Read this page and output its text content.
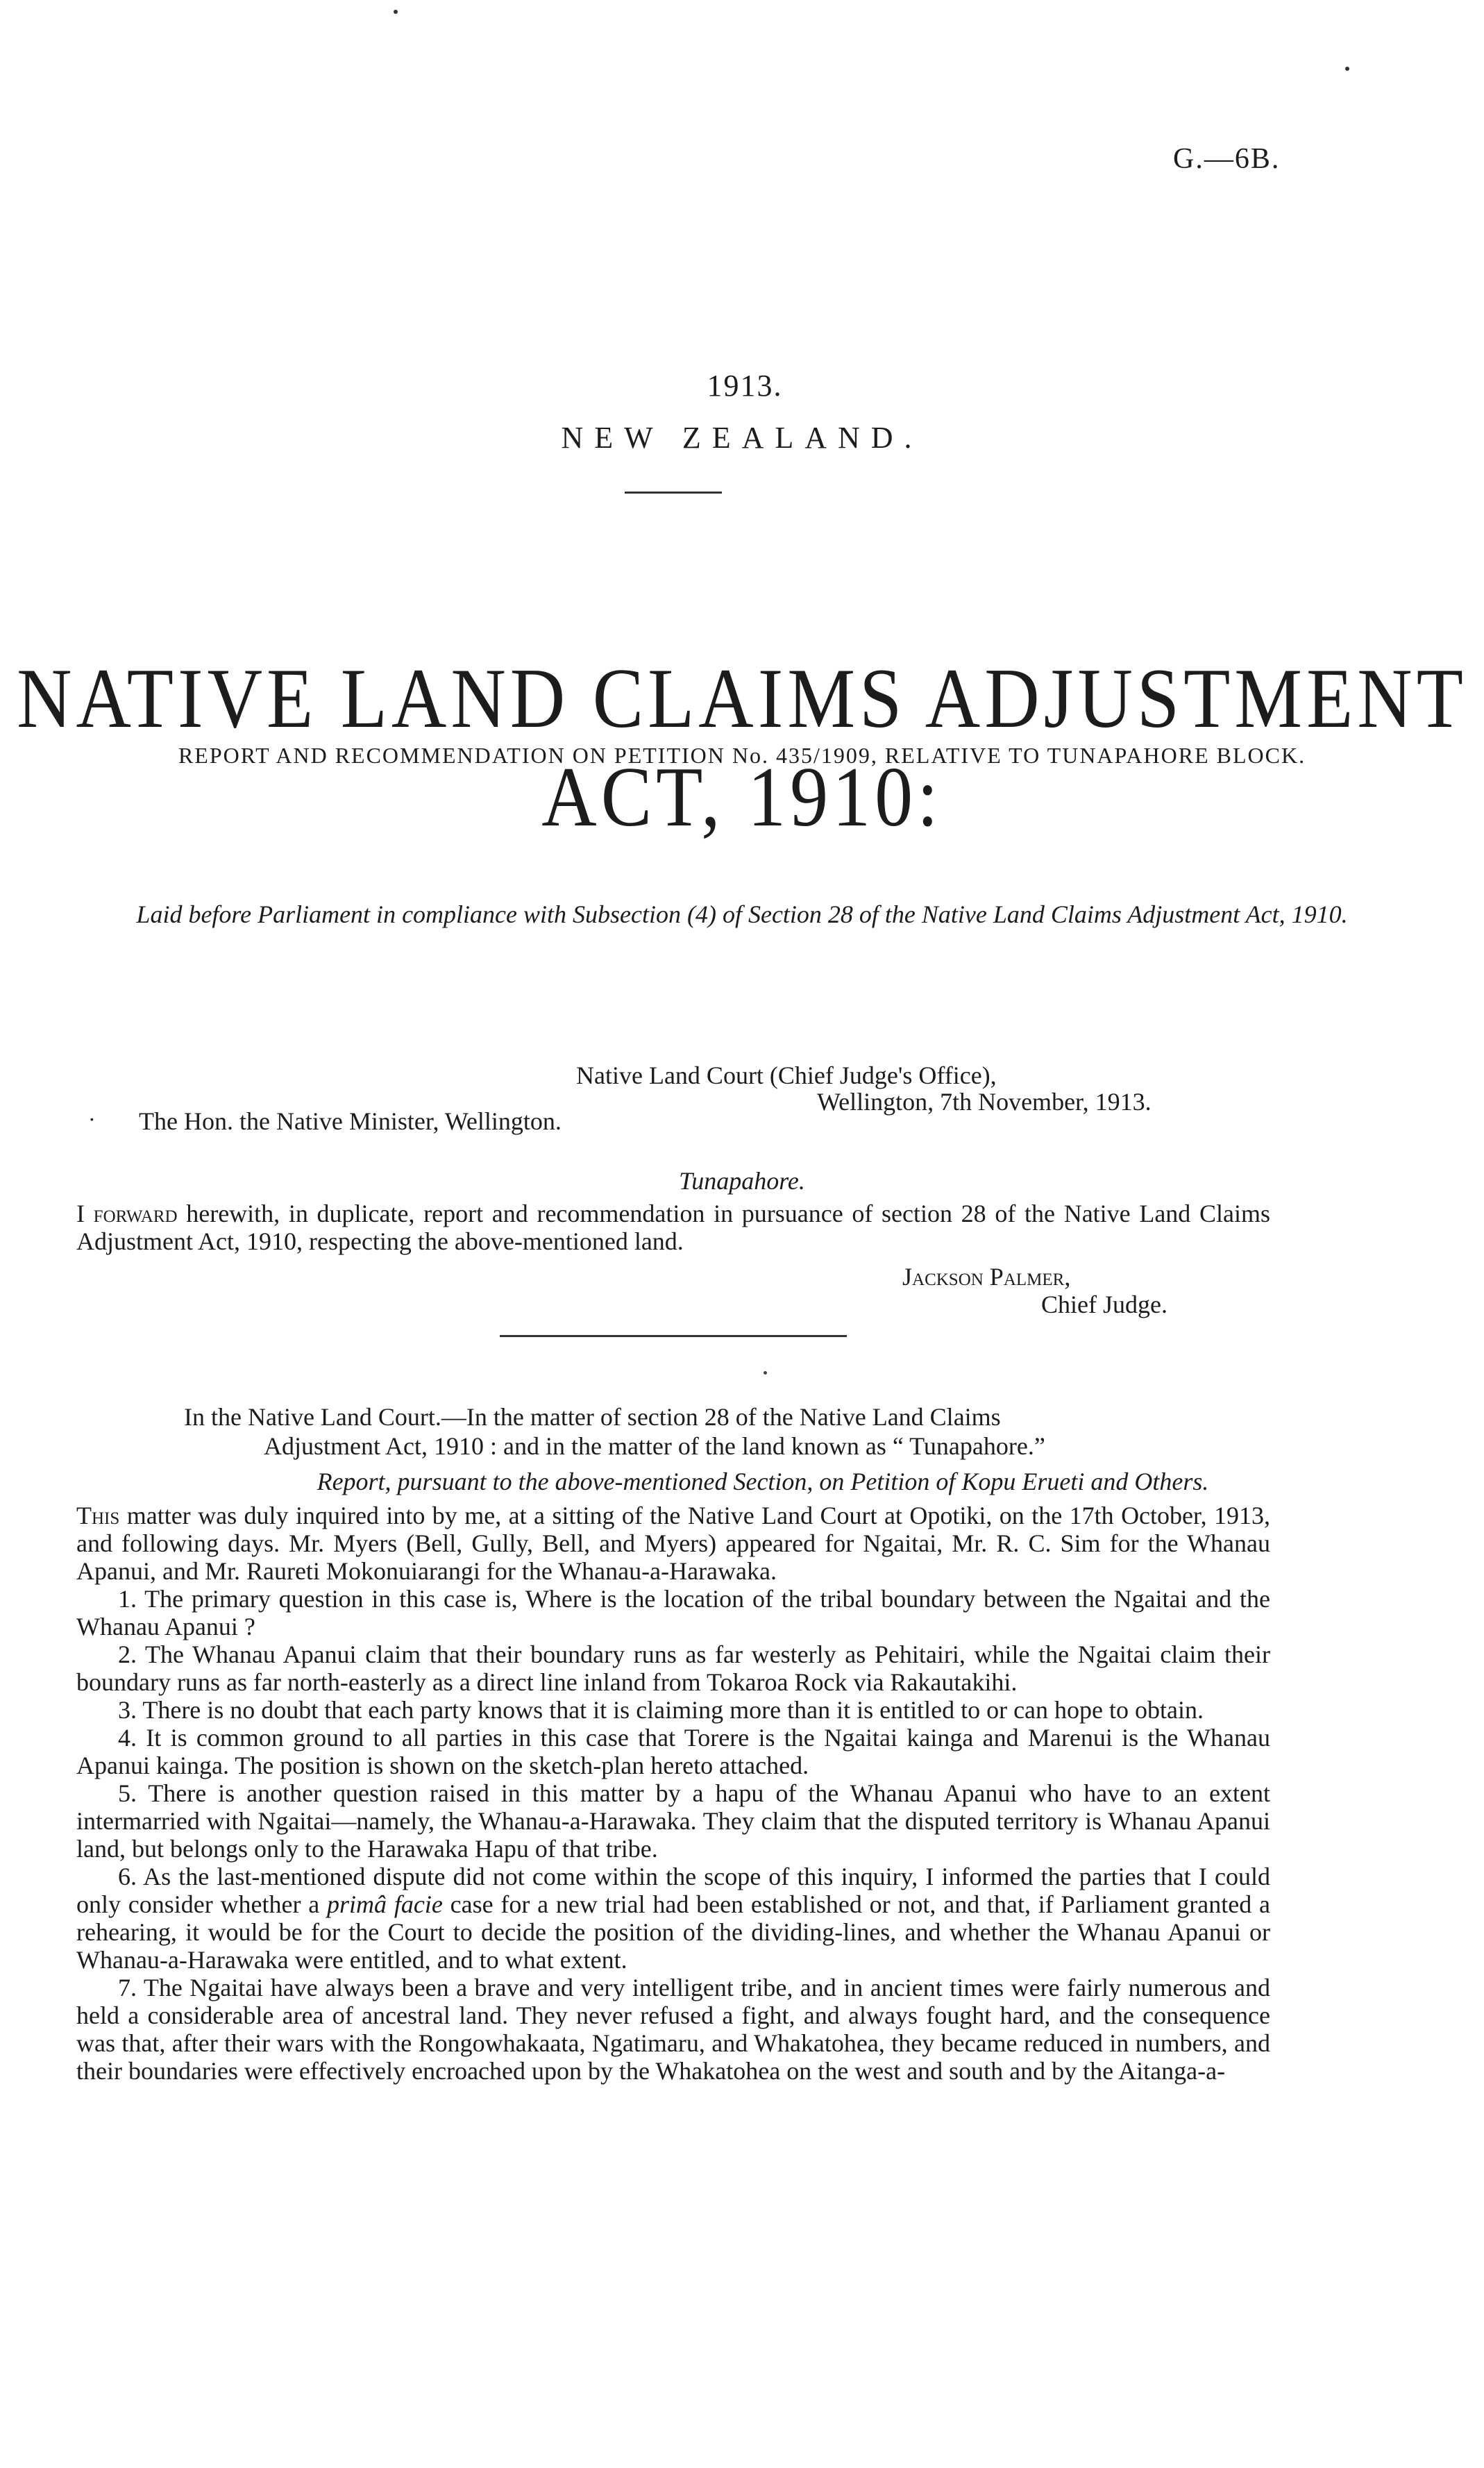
G.—6B.
1913.
NEW ZEALAND.
NATIVE LAND CLAIMS ADJUSTMENT ACT, 1910:
REPORT AND RECOMMENDATION ON PETITION No. 435/1909, RELATIVE TO TUNAPAHORE BLOCK.
Laid before Parliament in compliance with Subsection (4) of Section 28 of the Native Land Claims Adjustment Act, 1910.
Native Land Court (Chief Judge's Office),
Wellington, 7th November, 1913.
· The Hon. the Native Minister, Wellington.
Tunapahore.
I forward herewith, in duplicate, report and recommendation in pursuance of section 28 of the Native Land Claims Adjustment Act, 1910, respecting the above-mentioned land.
Jackson Palmer,
Chief Judge.
In the Native Land Court.—In the matter of section 28 of the Native Land Claims
Adjustment Act, 1910 : and in the matter of the land known as “ Tunapahore.”
Report, pursuant to the above-mentioned Section, on Petition of Kopu Erueti and Others.

This matter was duly inquired into by me, at a sitting of the Native Land Court at Opotiki, on the 17th October, 1913, and following days. Mr. Myers (Bell, Gully, Bell, and Myers) appeared for Ngaitai, Mr. R. C. Sim for the Whanau Apanui, and Mr. Raureti Mokonuiarangi for the Whanau-a-Harawaka.

1. The primary question in this case is, Where is the location of the tribal boundary between the Ngaitai and the Whanau Apanui ?

2. The Whanau Apanui claim that their boundary runs as far westerly as Pehitairi, while the Ngaitai claim their boundary runs as far north-easterly as a direct line inland from Tokaroa Rock via Rakautakihi.

3. There is no doubt that each party knows that it is claiming more than it is entitled to or can hope to obtain.

4. It is common ground to all parties in this case that Torere is the Ngaitai kainga and Marenui is the Whanau Apanui kainga. The position is shown on the sketch-plan hereto attached.

5. There is another question raised in this matter by a hapu of the Whanau Apanui who have to an extent intermarried with Ngaitai—namely, the Whanau-a-Harawaka. They claim that the disputed territory is Whanau Apanui land, but belongs only to the Harawaka Hapu of that tribe.

6. As the last-mentioned dispute did not come within the scope of this inquiry, I informed the parties that I could only consider whether a primâ facie case for a new trial had been established or not, and that, if Parliament granted a rehearing, it would be for the Court to decide the position of the dividing-lines, and whether the Whanau Apanui or Whanau-a-Harawaka were entitled, and to what extent.

7. The Ngaitai have always been a brave and very intelligent tribe, and in ancient times were fairly numerous and held a considerable area of ancestral land. They never refused a fight, and always fought hard, and the consequence was that, after their wars with the Rongowhakaata, Ngatimaru, and Whakatohea, they became reduced in numbers, and their boundaries were effectively encroached upon by the Whakatohea on the west and south and by the Aitanga-a-
